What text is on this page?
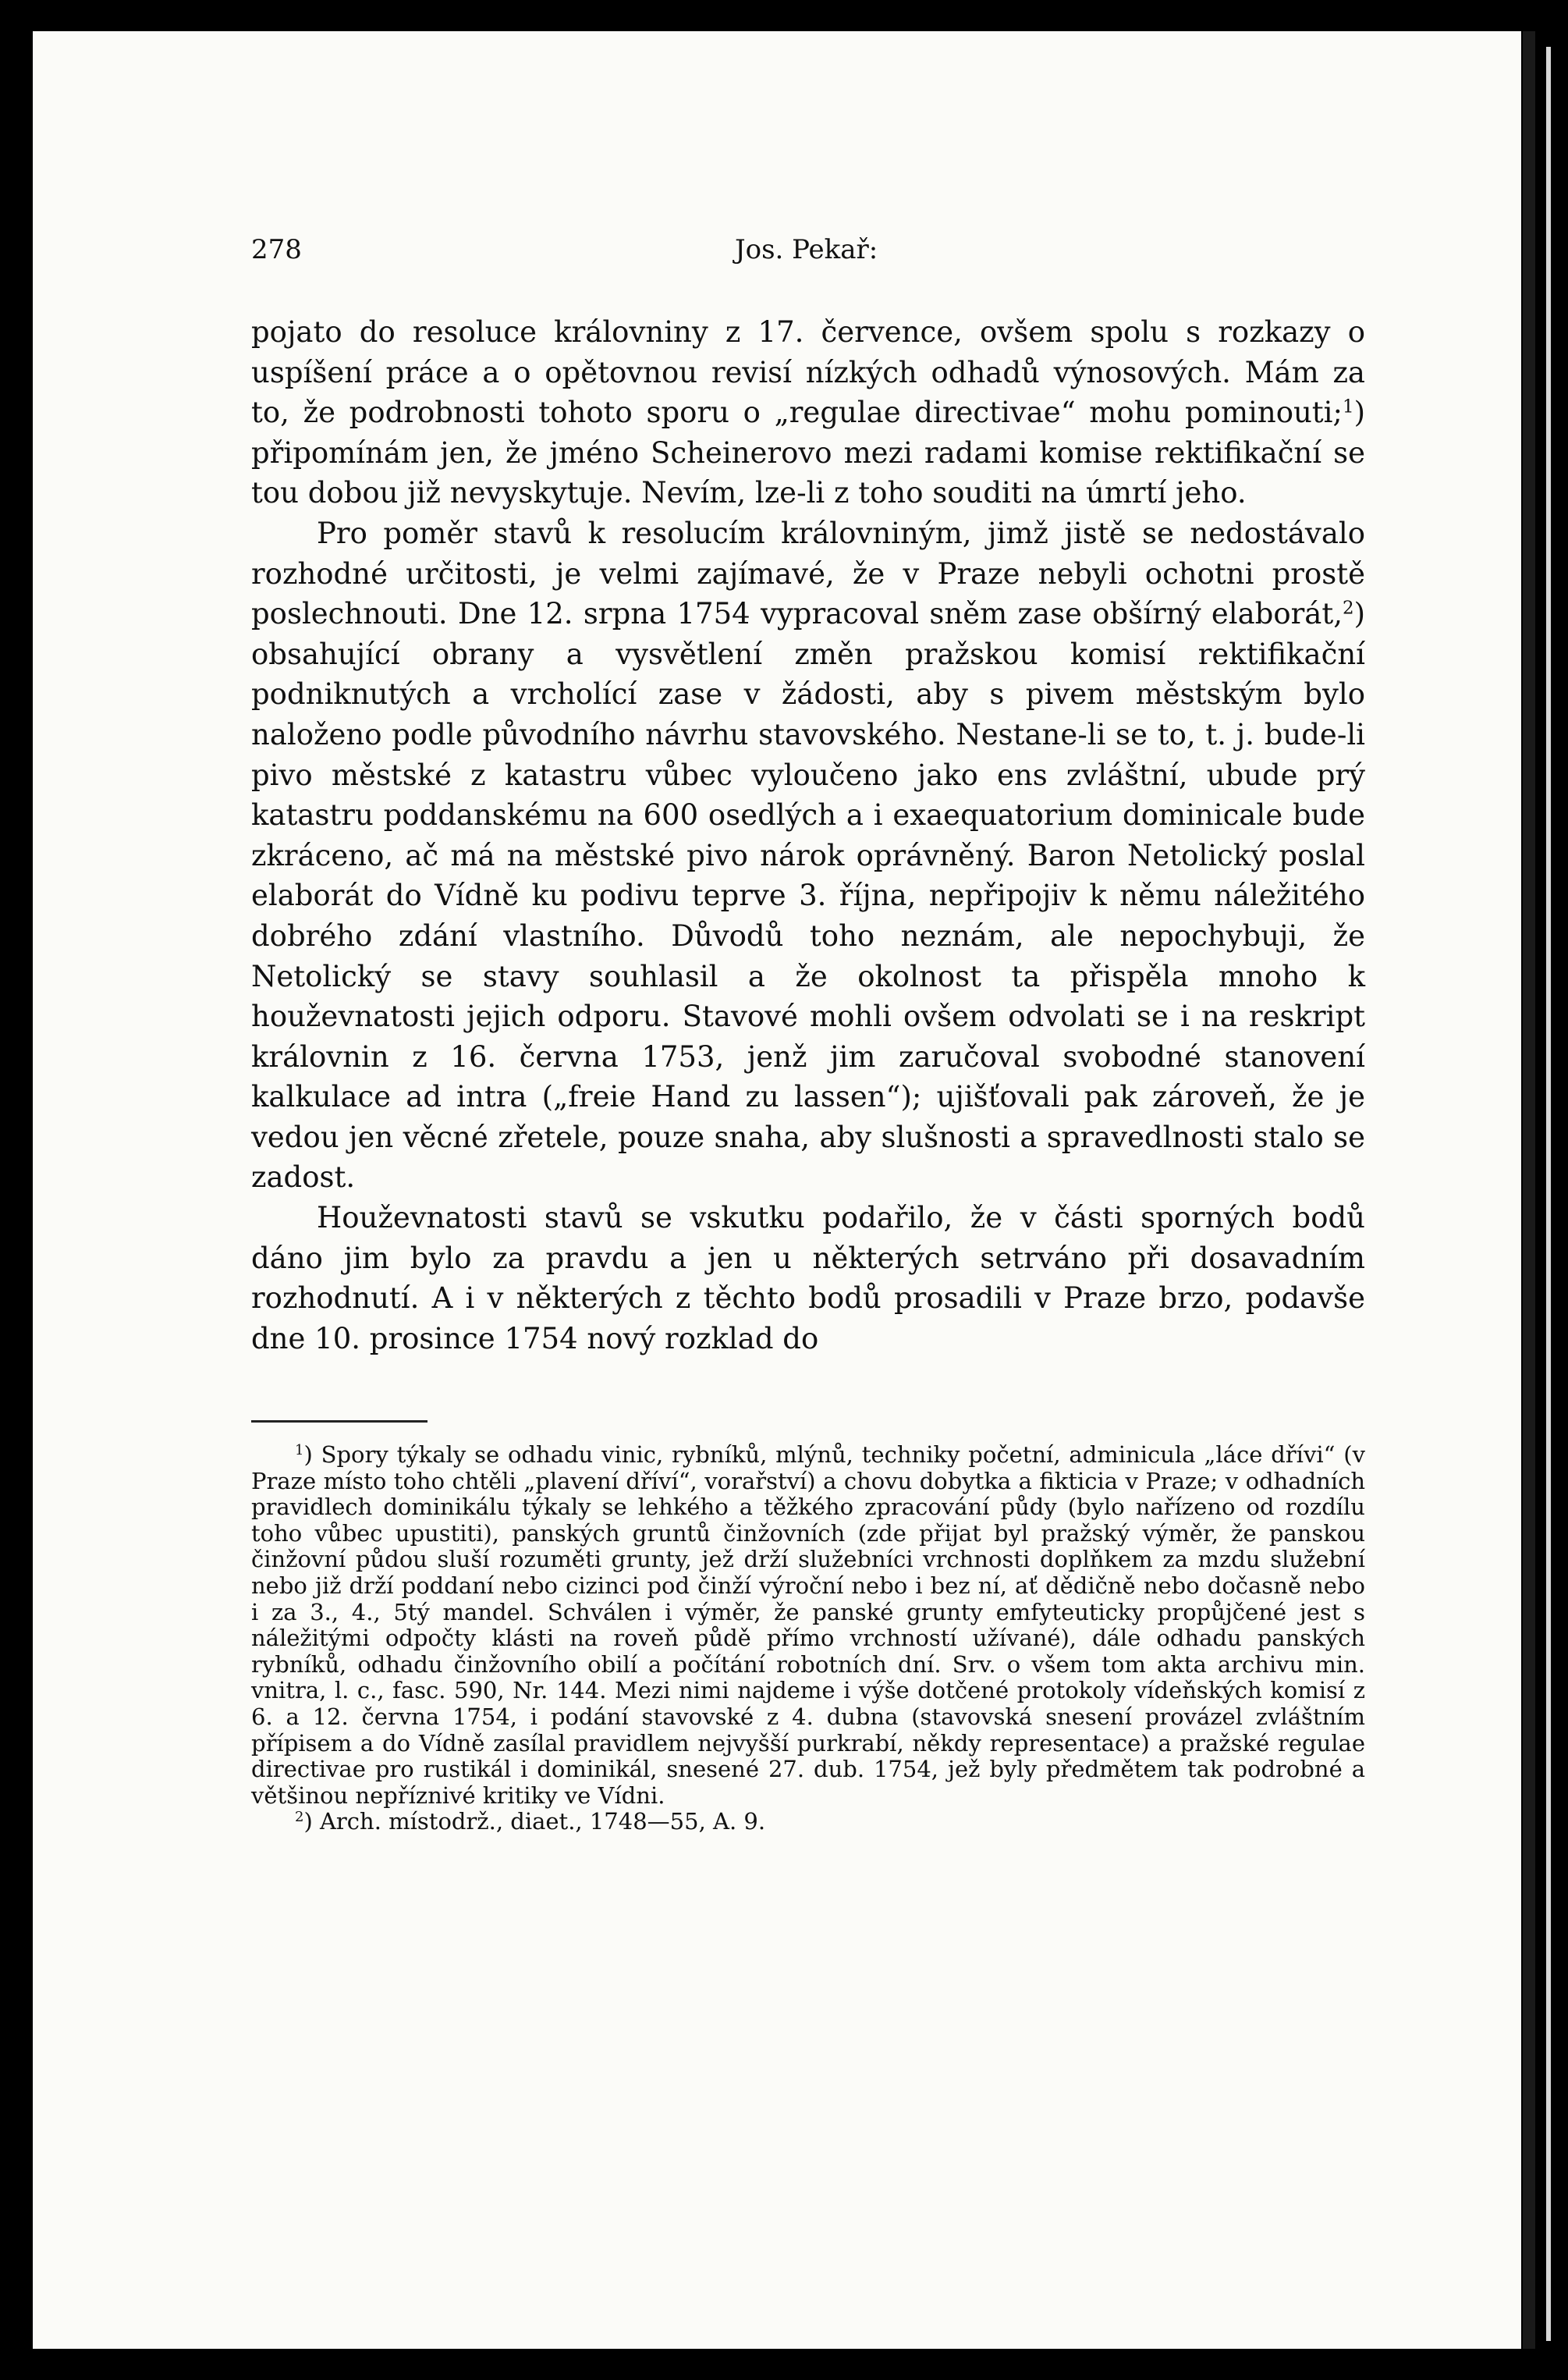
278	Jos. Pekař:

pojato do resoluce královniny z 17. července, ovšem spolu s rozkazy o uspíšení práce a o opětovnou revisí nízkých odhadů výnosových. Mám za to, že podrobnosti tohoto sporu o „regulae directivae“ mohu pominouti;$^1$) připomínám jen, že jméno Scheinerovo mezi radami komise rektifikační se tou dobou již nevyskytuje. Nevím, lze-li z toho souditi na úmrtí jeho.

Pro poměr stavů k resolucím královniným, jimž jistě se nedostávalo rozhodné určitosti, je velmi zajímavé, že v Praze nebyli ochotni prostě poslechnouti. Dne 12. srpna 1754 vypracoval sněm zase obšírný elaborát,$^2$) obsahující obrany a vysvětlení změn pražskou komisí rektifikační podniknutých a vrcholící zase v žádosti, aby s pivem městským bylo naloženo podle původního návrhu stavovského. Nestane-li se to, t. j. bude-li pivo městské z katastru vůbec vyloučeno jako ens zvláštní, ubude prý katastru poddanskému na 600 osedlých a i exaequatorium dominicale bude zkráceno, ač má na městské pivo nárok oprávněný. Baron Netolický poslal elaborát do Vídně ku podivu teprve 3. října, nepřipojiv k němu náležitého dobrého zdání vlastního. Důvodů toho neznám, ale nepochybuji, že Netolický se stavy souhlasil a že okolnost ta přispěla mnoho k houževnatosti jejich odporu. Stavové mohli ovšem odvolati se i na reskript královnin z 16. června 1753, jenž jim zaručoval svobodné stanovení kalkulace ad intra („freie Hand zu lassen“); ujišťovali pak zároveň, že je vedou jen věcné zřetele, pouze snaha, aby slušnosti a spravedlnosti stalo se zadost.

Houževnatosti stavů se vskutku podařilo, že v části sporných bodů dáno jim bylo za pravdu a jen u některých setrváno při dosavadním rozhodnutí. A i v některých z těchto bodů prosadili v Praze brzo, podavše dne 10. prosince 1754 nový rozklad do

$^1$) Spory týkaly se odhadu vinic, rybníků, mlýnů, techniky početní, adminicula „láce dřívi“ (v Praze místo toho chtěli „plavení dříví“, vorařství) a chovu dobytka a fikticia v Praze; v odhadních pravidlech dominikálu týkaly se lehkého a těžkého zpracování půdy (bylo nařízeno od rozdílu toho vůbec upustiti), panských gruntů činžovních (zde přijat byl pražský výměr, že panskou činžovní půdou sluší rozuměti grunty, jež drží služebníci vrchnosti doplňkem za mzdu služební nebo již drží poddaní nebo cizinci pod činží výroční nebo i bez ní, ať dědičně nebo dočasně nebo i za 3., 4., 5tý mandel. Schválen i výměr, že panské grunty emfyteuticky propůjčené jest s náležitými odpočty klásti na roveň půdě přímo vrchností užívané), dále odhadu panských rybníků, odhadu činžovního obilí a počítání robotních dní. Srv. o všem tom akta archivu min. vnitra, l. c., fasc. 590, Nr. 144. Mezi nimi najdeme i výše dotčené protokoly vídeňských komisí z 6. a 12. června 1754, i podání stavovské z 4. dubna (stavovská snesení provázel zvláštním přípisem a do Vídně zasílal pravidlem nejvyšší purkrabí, někdy representace) a pražské regulae directivae pro rustikál i dominikál, snesené 27. dub. 1754, jež byly předmětem tak podrobné a většinou nepříznivé kritiky ve Vídni.

$^2$) Arch. místodrž., diaet., 1748—55, A. 9.
